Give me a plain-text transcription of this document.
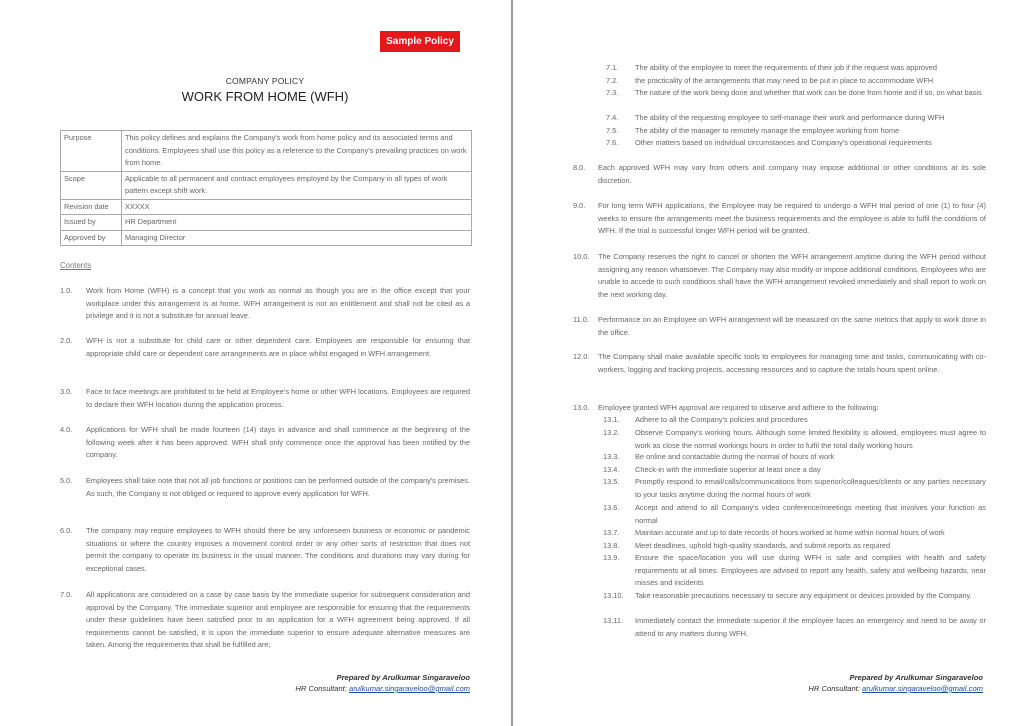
Sample Policy
COMPANY POLICY
WORK FROM HOME (WFH)
Purpose	This policy defines and explains the Company's work from home policy and its associated terms and conditions. Employees shall use this policy as a reference to the Company's prevailing practices on work from home.
Scope	Applicable to all permanent and contract employees employed by the Company in all types of work pattern except shift work.
Revision date	XXXXX
Issued by	HR Department
Approved by	Managing Director
Contents
1.0. Work from Home (WFH) is a concept that you work as normal as though you are in the office except that your workplace under this arrangement is at home. WFH arrangement is not an entitlement and shall not be cited as a privilege and it is not a substitute for annual leave.
2.0. WFH is not a substitute for child care or other dependent care. Employees are responsible for ensuring that appropriate child care or dependent care arrangements are in place whilst engaged in WFH arrangement.
3.0. Face to face meetings are prohibited to be held at Employee's home or other WFH locations. Employees are required to declare their WFH location during the application process.
4.0. Applications for WFH shall be made fourteen (14) days in advance and shall commence at the beginning of the following week after it has been approved. WFH shall only commence once the approval has been notified by the company.
5.0. Employees shall take note that not all job functions or positions can be performed outside of the company's premises. As such, the Company is not obliged or required to approve every application for WFH.
6.0. The company may require employees to WFH should there be any unforeseen business or economic or pandemic situations or where the country imposes a movement control order or any other sorts of restriction that does not permit the company to operate its business in the usual manner. The conditions and durations may vary during for exceptional cases.
7.0. All applications are considered on a case by case basis by the immediate superior for subsequent consideration and approval by the Company. The immediate superior and employee are responsible for ensuring that the requirements under these guidelines have been satisfied prior to an application for a WFH agreement being approved. If all requirements cannot be satisfied, it is upon the immediate superior to ensure adequate alternative measures are taken. Among the requirements that shall be fulfilled are;
Prepared by Arulkumar Singaraveloo
HR Consultant: arulkumar.singaraveloo@gmail.com
7.1. The ability of the employee to meet the requirements of their job if the request was approved
7.2. the practicality of the arrangements that may need to be put in place to accommodate WFH
7.3. The nature of the work being done and whether that work can be done from home and if so, on what basis
7.4. The ability of the requesting employee to self-manage their work and performance during WFH
7.5. The ability of the manager to remotely manage the employee working from home
7.6. Other matters based on individual circumstances and Company's operational requirements
8.0. Each approved WFH may vary from others and company may impose additional or other conditions at its sole discretion.
9.0. For long term WFH applications, the Employee may be required to undergo a WFH trial period of one (1) to four (4) weeks to ensure the arrangements meet the business requirements and the employee is able to fulfil the conditions of WFH. If the trial is successful longer WFH period will be granted.
10.0. The Company reserves the right to cancel or shorten the WFH arrangement anytime during the WFH period without assigning any reason whatsoever. The Company may also modify or impose additional conditions. Employees who are unable to accede to such conditions shall have the WFH arrangement revoked immediately and shall report to work on the next working day.
11.0. Performance on an Employee on WFH arrangement will be measured on the same metrics that apply to work done in the office.
12.0. The Company shall make available specific tools to employees for managing time and tasks, communicating with co-workers, logging and tracking projects, accessing resources and to capture the totals hours spent online.
13.0. Employee granted WFH approval are required to observe and adhere to the following:
13.1. Adhere to all the Company's policies and procedures
13.2. Observe Company's working hours. Although some limited flexibility is allowed, employees must agree to work as close the normal workings hours in order to fulfil the total daily working hours
13.3. Be online and contactable during the normal of hours of work
13.4. Check-in with the immediate superior at least once a day
13.5. Promptly respond to email/calls/communications from superior/colleagues/clients or any parties necessary to your tasks anytime during the normal hours of work
13.6. Accept and attend to all Company's video conference/meetings meeting that involves your function as normal
13.7. Maintain accurate and up to date records of hours worked at home within normal hours of work
13.8. Meet deadlines, uphold high-quality standards, and submit reports as required
13.9. Ensure the space/location you will use during WFH is safe and complies with health and safety requirements at all times. Employees are advised to report any health, safety and wellbeing hazards, near misses and incidents
13.10. Take reasonable precautions necessary to secure any equipment or devices provided by the Company.
13.11. Immediately contact the immediate superior if the employee faces an emergency and need to be away or attend to any matters during WFH.
Prepared by Arulkumar Singaraveloo
HR Consultant: arulkumar.singaraveloo@gmail.com
